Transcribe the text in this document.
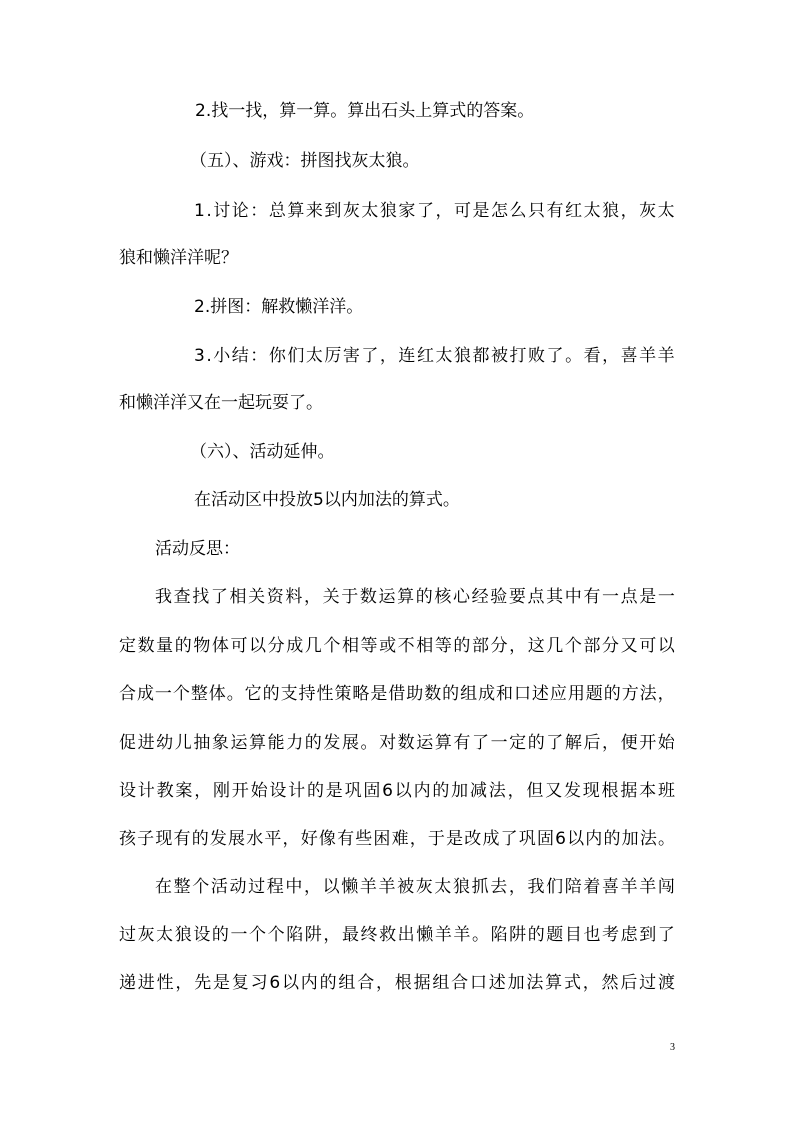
2.找一找，算一算。算出石头上算式的答案。
（五）、游戏：拼图找灰太狼。
1 . 讨 论 ： 总 算 来 到 灰 太 狼 家 了 ， 可 是 怎 么 只 有 红 太 狼 ， 灰 太
狼和懒洋洋呢？
2.拼图：解救懒洋洋。
3 . 小 结 ： 你 们 太 厉 害 了 ， 连 红 太 狼 都 被 打 败 了 。 看 ， 喜 羊 羊
和懒洋洋又在一起玩耍了。
（六）、活动延伸。
在活动区中投放5以内加法的算式。
活动反思：
我 查 找 了 相 关 资 料 ， 关 于 数 运 算 的 核 心 经 验 要 点 其 中 有 一 点 是 一
定 数 量 的 物 体 可 以 分 成 几 个 相 等 或 不 相 等 的 部 分 ， 这 几 个 部 分 又 可 以
合 成 一 个 整 体 。 它 的 支 持 性 策 略 是 借 助 数 的 组 成 和 口 述 应 用 题 的 方 法 ，
促 进 幼 儿 抽 象 运 算 能 力 的 发 展 。 对 数 运 算 有 了 一 定 的 了 解 后 ， 便 开 始
设 计 教 案 ， 刚 开 始 设 计 的 是 巩 固 6 以 内 的 加 减 法 ， 但 又 发 现 根 据 本 班
孩 子 现 有 的 发 展 水 平 ， 好 像 有 些 困 难 ， 于 是 改 成 了 巩 固 6 以 内 的 加 法 。
在 整 个 活 动 过 程 中 ， 以 懒 羊 羊 被 灰 太 狼 抓 去 ， 我 们 陪 着 喜 羊 羊 闯
过 灰 太 狼 设 的 一 个 个 陷 阱 ， 最 终 救 出 懒 羊 羊 。 陷 阱 的 题 目 也 考 虑 到 了
递 进 性 ， 先 是 复 习 6 以 内 的 组 合 ， 根 据 组 合 口 述 加 法 算 式 ， 然 后 过 渡
3
